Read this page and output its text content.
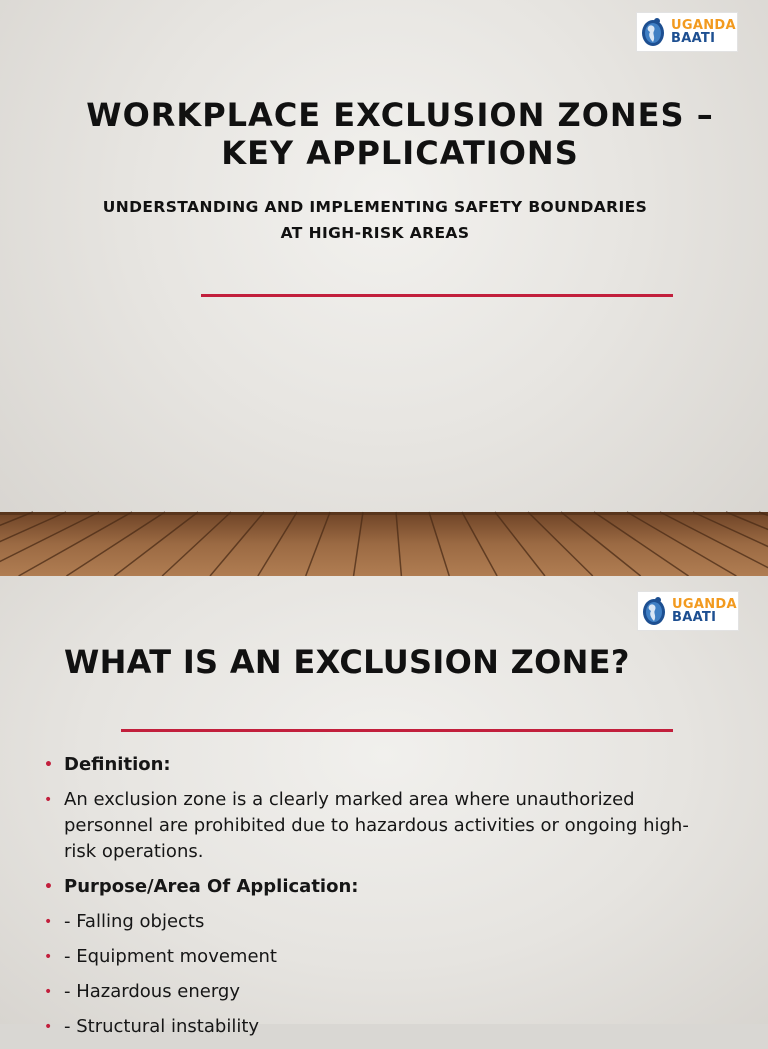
UGANDA
BAATI
WORKPLACE EXCLUSION ZONES –
KEY APPLICATIONS

UNDERSTANDING AND IMPLEMENTING SAFETY BOUNDARIES
AT HIGH-RISK AREAS

UGANDA
BAATI
WHAT IS AN EXCLUSION ZONE?
• Definition:
• An exclusion zone is a clearly marked area where unauthorized personnel are prohibited due to hazardous activities or ongoing high-risk operations.
• Purpose/Area Of Application:
• - Falling objects
• - Equipment movement
• - Hazardous energy
• - Structural instability
